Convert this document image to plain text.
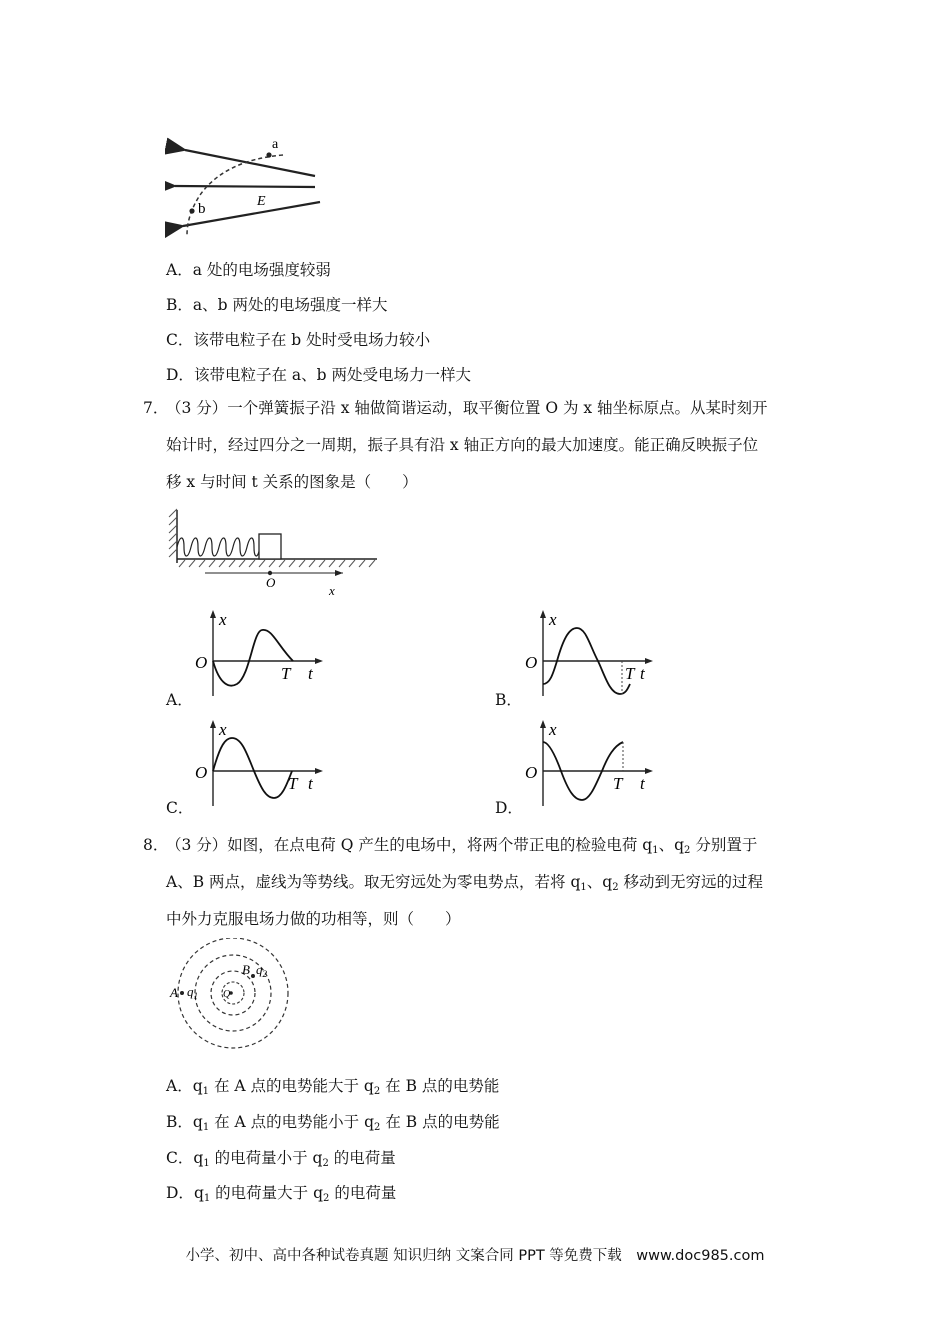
a
b	E
A．a 处的电场强度较弱
B．a、b 两处的电场强度一样大
C．该带电粒子在 b 处时受电场力较小
D．该带电粒子在 a、b 两处受电场力一样大
7．
（3 分）一个弹簧振子沿 x 轴做简谐运动，取平衡位置 O 为 x 轴坐标原点。从某时刻开
始计时，经过四分之一周期，振子具有沿 x 轴正方向的最大加速度。能正确反映振子位
移 x 与时间 t 关系的图象是（　　）
O
x
x
O
T t
A．
x
O
T t
B．
x
O
T t
C．
x
O
T t
D．
8．
（3 分）如图，在点电荷 Q 产生的电场中，将两个带正电的检验电荷 $q_1$、$q_2$ 分别置于
A、B 两点，虚线为等势线。取无穷远处为零电势点，若将 $q_1$、$q_2$ 移动到无穷远的过程
中外力克服电场力做的功相等，则（　　）
A $q_1$	Q
B $q_2$
A．$q_1$ 在 A 点的电势能大于 $q_2$ 在 B 点的电势能
B．$q_1$ 在 A 点的电势能小于 $q_2$ 在 B 点的电势能
C．$q_1$ 的电荷量小于 $q_2$ 的电荷量
D．$q_1$ 的电荷量大于 $q_2$ 的电荷量
小学、初中、高中各种试卷真题 知识归纳 文案合同 PPT 等免费下载　www.doc985.com
